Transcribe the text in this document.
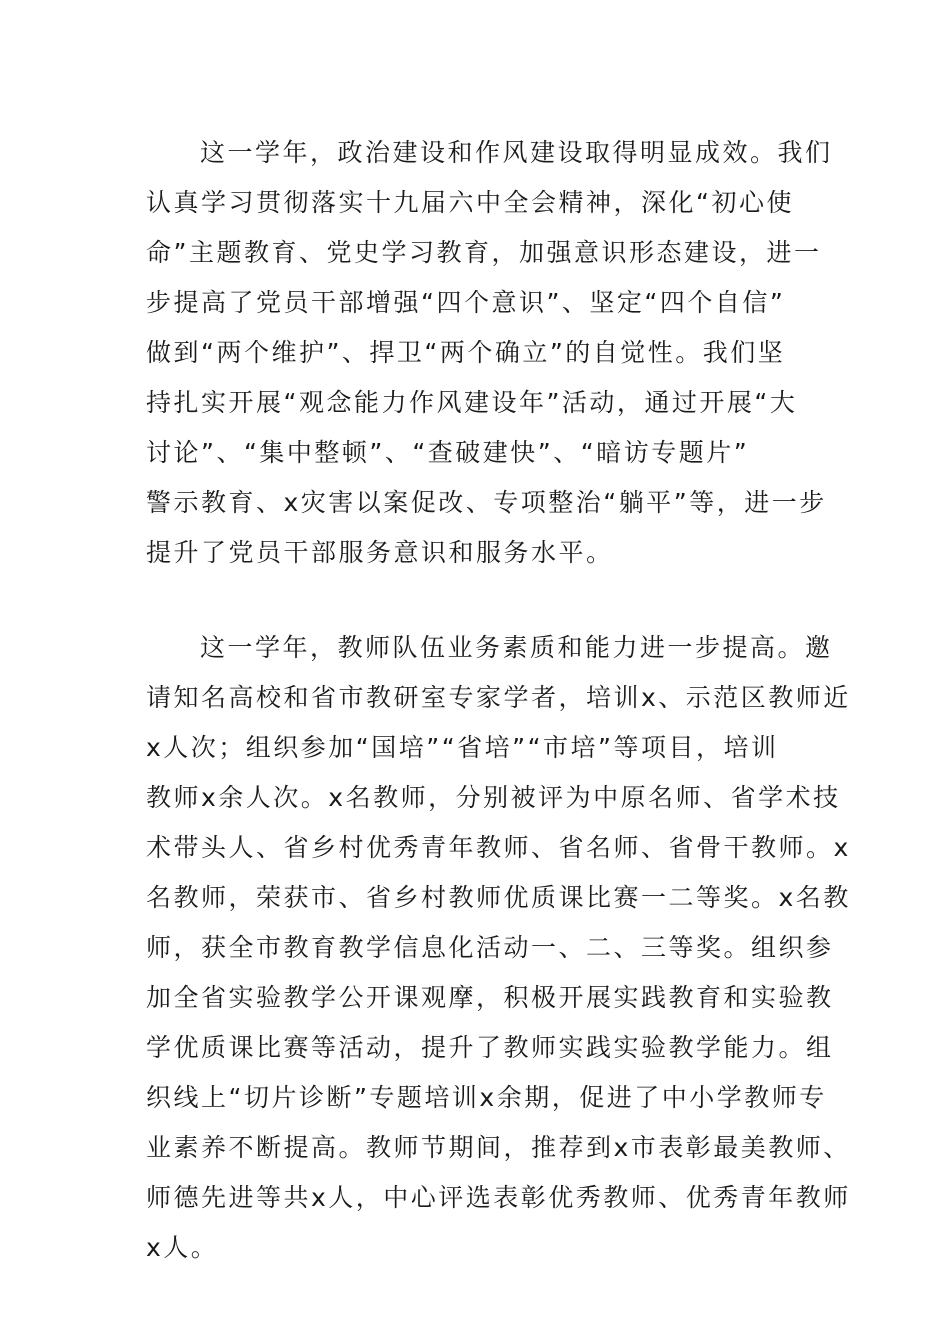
这一学年，政治建设和作风建设取得明显成效。我们
认真学习贯彻落实十九届六中全会精神，深化“初心使
命”主题教育、党史学习教育，加强意识形态建设，进一
步提高了党员干部增强“四个意识”、坚定“四个自信”
做到“两个维护”、捍卫“两个确立”的自觉性。我们坚
持扎实开展“观念能力作风建设年”活动，通过开展“大
讨论”、“集中整顿”、“查破建快”、“暗访专题片”
警示教育、x灾害以案促改、专项整治“躺平”等，进一步
提升了党员干部服务意识和服务水平。
这一学年，教师队伍业务素质和能力进一步提高。邀
请知名高校和省市教研室专家学者，培训x、示范区教师近
x人次；组织参加“国培”“省培”“市培”等项目，培训
教师x余人次。x名教师，分别被评为中原名师、省学术技
术带头人、省乡村优秀青年教师、省名师、省骨干教师。x
名教师，荣获市、省乡村教师优质课比赛一二等奖。x名教
师，获全市教育教学信息化活动一、二、三等奖。组织参
加全省实验教学公开课观摩，积极开展实践教育和实验教
学优质课比赛等活动，提升了教师实践实验教学能力。组
织线上“切片诊断”专题培训x余期，促进了中小学教师专
业素养不断提高。教师节期间，推荐到x市表彰最美教师、
师德先进等共x人，中心评选表彰优秀教师、优秀青年教师
x人。
